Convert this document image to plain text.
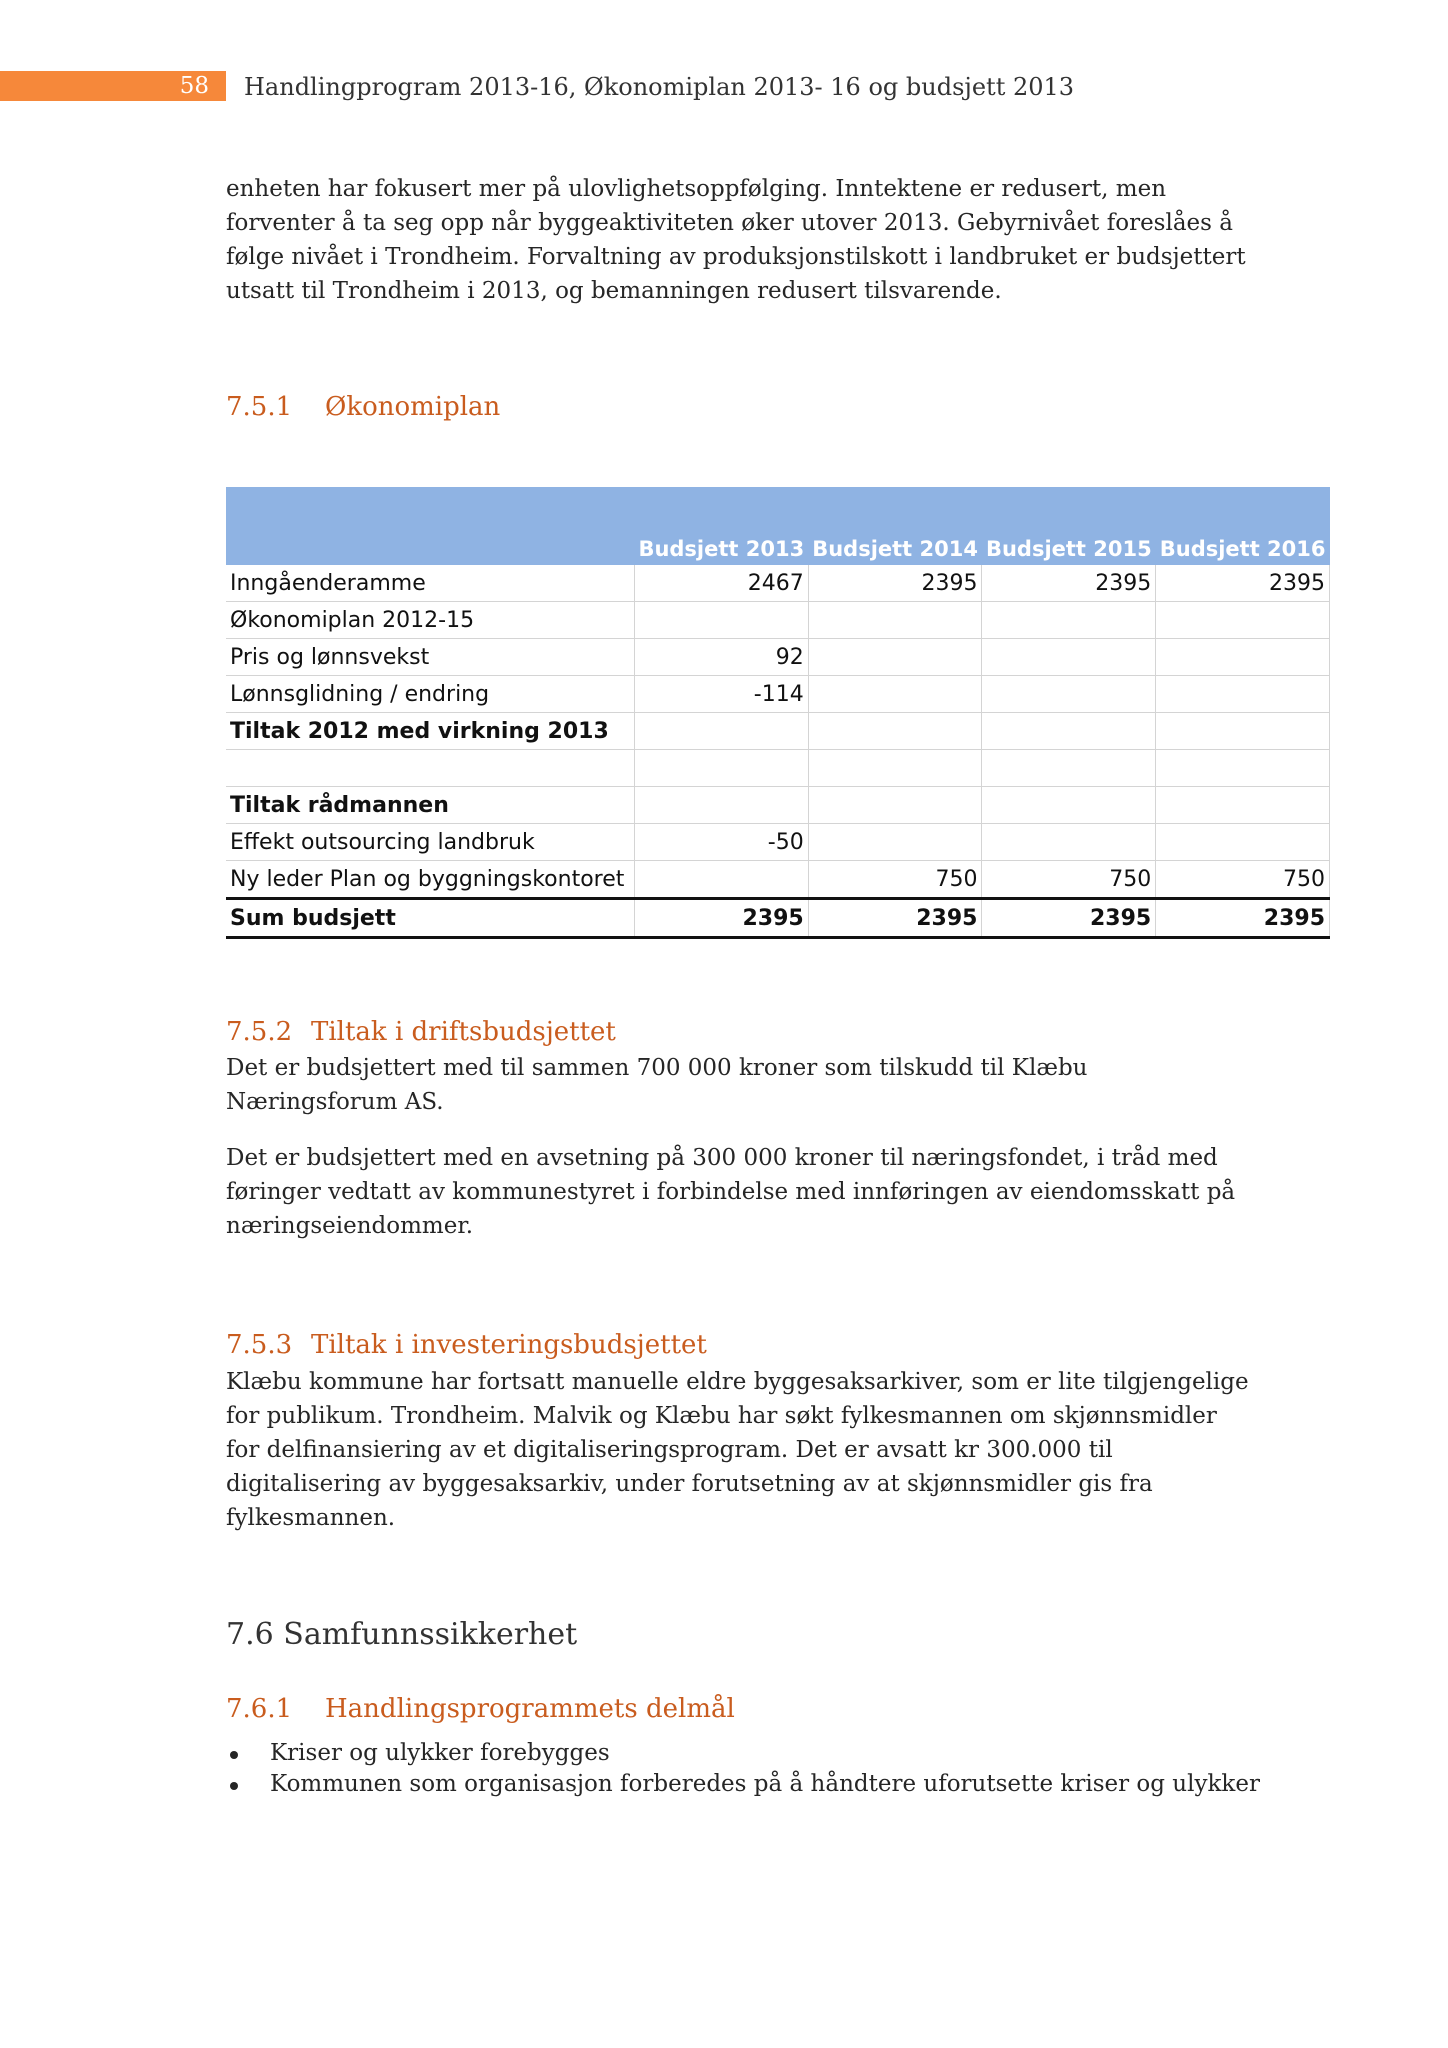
58 Handlingprogram 2013-16, Økonomiplan 2013- 16 og budsjett 2013

enheten har fokusert mer på ulovlighetsoppfølging. Inntektene er redusert, men
forventer å ta seg opp når byggeaktiviteten øker utover 2013. Gebyrnivået foreslåes å
følge nivået i Trondheim. Forvaltning av produksjonstilskott i landbruket er budsjettert
utsatt til Trondheim i 2013, og bemanningen redusert tilsvarende.

7.5.1 Økonomiplan
	Budsjett 2013	Budsjett 2014	Budsjett 2015	Budsjett 2016
Inngåenderamme	2467	2395	2395	2395
Økonomiplan 2012-15				
Pris og lønnsvekst	92			
Lønnsglidning / endring	-114			
Tiltak 2012 med virkning 2013				

Tiltak rådmannen				
Effekt outsourcing landbruk	-50			
Ny leder Plan og byggningskontoret		750	750	750
Sum budsjett	2395	2395	2395	2395
7.5.2 Tiltak i driftsbudsjettet

Det er budsjettert med til sammen 700 000 kroner som tilskudd til Klæbu
Næringsforum AS.

Det er budsjettert med en avsetning på 300 000 kroner til næringsfondet, i tråd med
føringer vedtatt av kommunestyret i forbindelse med innføringen av eiendomsskatt på
næringseiendommer.

7.5.3 Tiltak i investeringsbudsjettet

Klæbu kommune har fortsatt manuelle eldre byggesaksarkiver, som er lite tilgjengelige
for publikum. Trondheim. Malvik og Klæbu har søkt fylkesmannen om skjønnsmidler
for delfinansiering av et digitaliseringsprogram. Det er avsatt kr 300.000 til
digitalisering av byggesaksarkiv, under forutsetning av at skjønnsmidler gis fra
fylkesmannen.

7.6 Samfunnssikkerhet
7.6.1 Handlingsprogrammets delmål
Kriser og ulykker forebygges
Kommunen som organisasjon forberedes på å håndtere uforutsette kriser og ulykker
